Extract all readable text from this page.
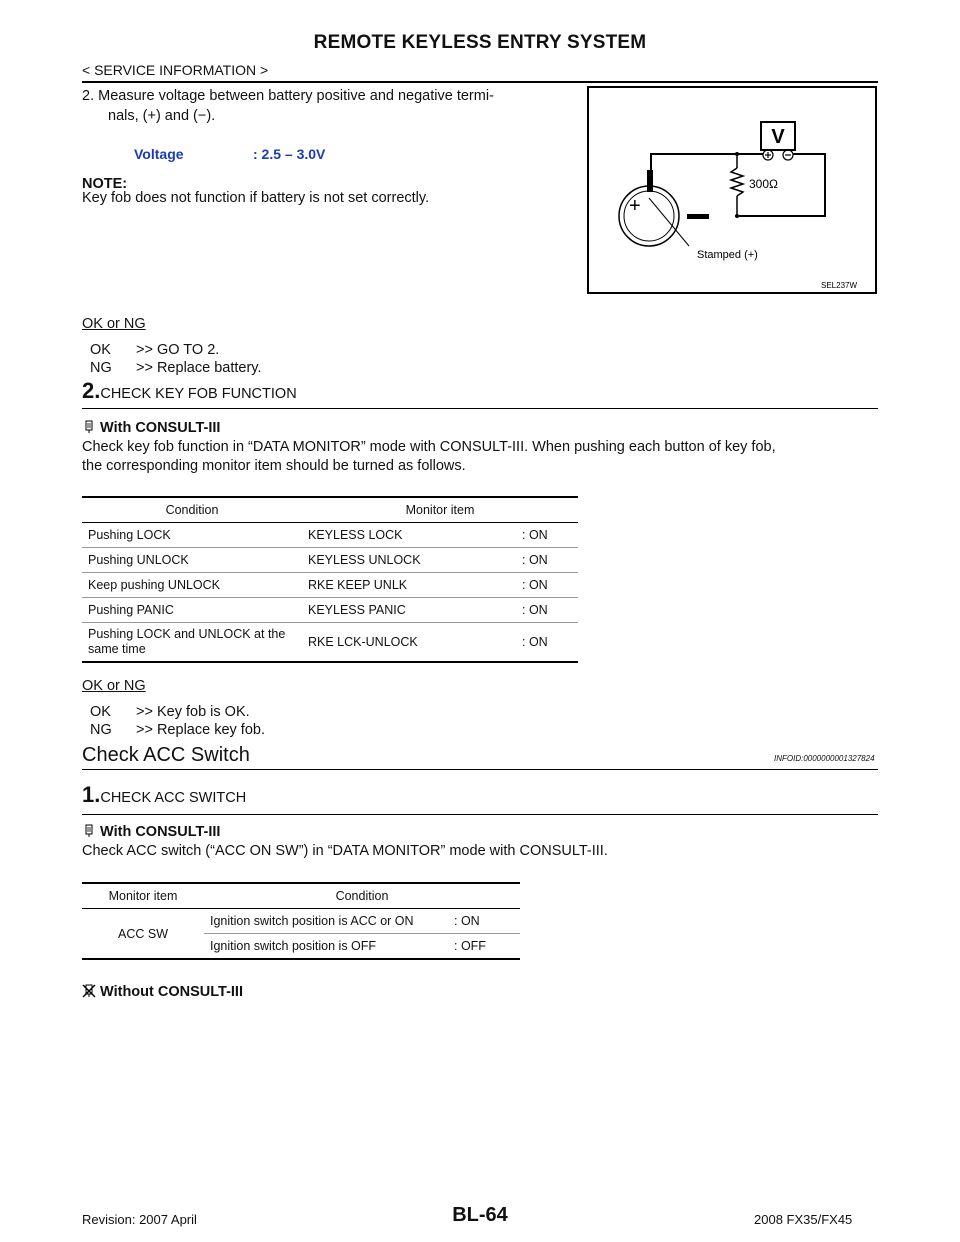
REMOTE KEYLESS ENTRY SYSTEM
< SERVICE INFORMATION >
2. Measure voltage between battery positive and negative termi-
nals, (+) and (−).
Voltage	: 2.5 – 3.0V
NOTE:
Key fob does not function if battery is not set correctly.
V
300Ω
+
Stamped (+)
SEL237W
OK or NG
OK >> GO TO 2.
NG >> Replace battery.
2.CHECK KEY FOB FUNCTION
With CONSULT-III
Check key fob function in “DATA MONITOR” mode with CONSULT-III. When pushing each button of key fob,
the corresponding monitor item should be turned as follows.
Condition	Monitor item	
Pushing LOCK	KEYLESS LOCK	: ON
Pushing UNLOCK	KEYLESS UNLOCK	: ON
Keep pushing UNLOCK	RKE KEEP UNLK	: ON
Pushing PANIC	KEYLESS PANIC	: ON
Pushing LOCK and UNLOCK at the same time	RKE LCK-UNLOCK	: ON
OK or NG
OK >> Key fob is OK.
NG >> Replace key fob.
Check ACC Switch	INFOID:0000000001327824
1.CHECK ACC SWITCH
With CONSULT-III
Check ACC switch (“ACC ON SW”) in “DATA MONITOR” mode with CONSULT-III.
Monitor item	Condition	
ACC SW	Ignition switch position is ACC or ON	: ON
	Ignition switch position is OFF	: OFF
Without CONSULT-III
BL-64
Revision: 2007 April	2008 FX35/FX45
